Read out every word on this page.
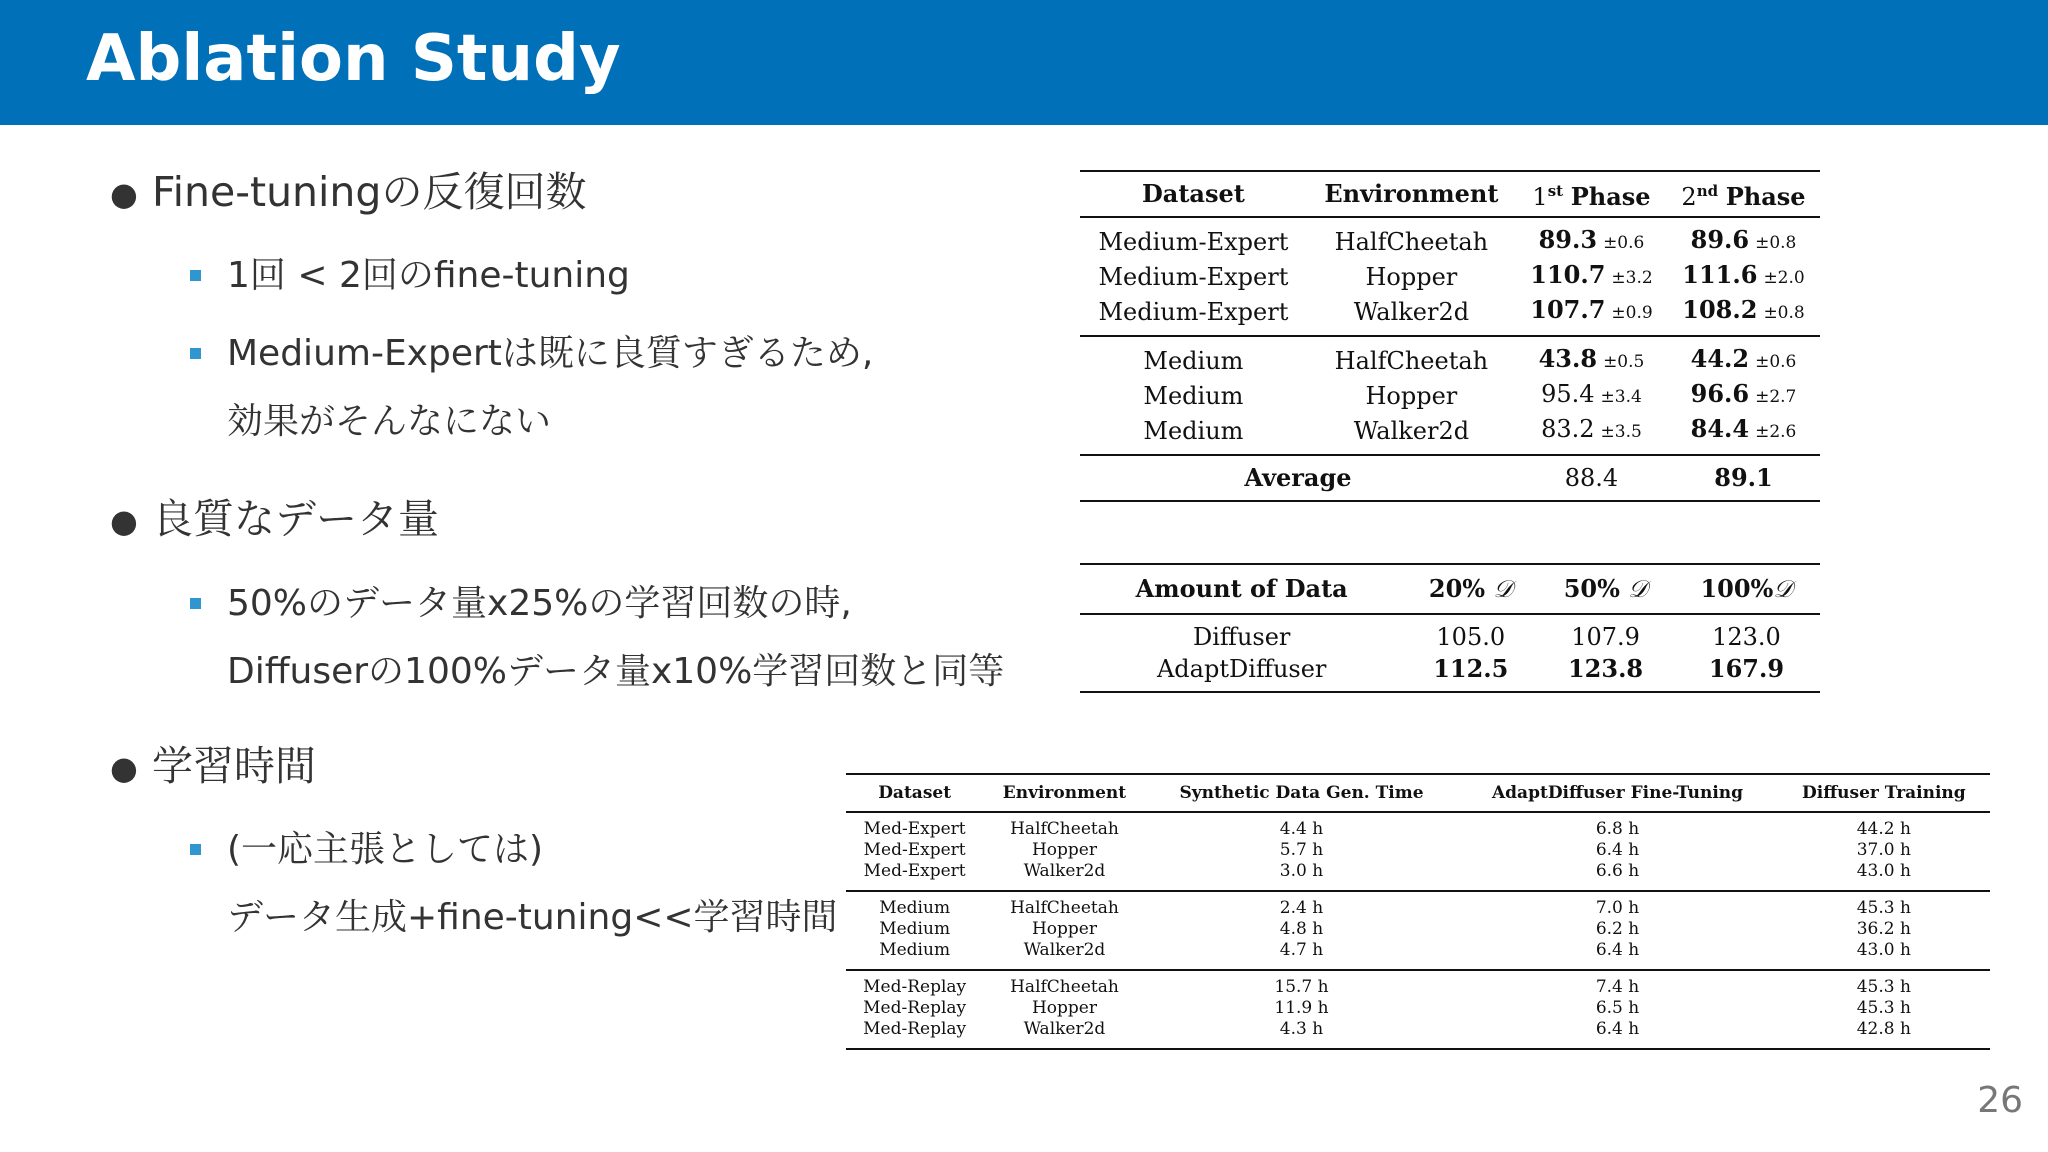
Ablation Study
● Fine-tuningの反復回数
1回 < 2回のfine-tuning
Medium-Expertは既に良質すぎるため,
効果がそんなにない
● 良質なデータ量
50%のデータ量x25%の学習回数の時,
Diffuserの100%データ量x10%学習回数と同等
● 学習時間
(一応主張としては)
データ生成+fine-tuning<<学習時間
Dataset	Environment	1st Phase	2nd Phase
Medium-Expert	HalfCheetah	89.3 ±0.6	89.6 ±0.8
Medium-Expert	Hopper	110.7 ±3.2	111.6 ±2.0
Medium-Expert	Walker2d	107.7 ±0.9	108.2 ±0.8
Medium	HalfCheetah	43.8 ±0.5	44.2 ±0.6
Medium	Hopper	95.4 ±3.4	96.6 ±2.7
Medium	Walker2d	83.2 ±3.5	84.4 ±2.6
Average		88.4	89.1
Amount of Data	20% 𝒟	50% 𝒟	100%𝒟
Diffuser	105.0	107.9	123.0
AdaptDiffuser	112.5	123.8	167.9
Dataset	Environment	Synthetic Data Gen. Time	AdaptDiffuser Fine-Tuning	Diffuser Training
Med-Expert	HalfCheetah	4.4 h	6.8 h	44.2 h
Med-Expert	Hopper	5.7 h	6.4 h	37.0 h
Med-Expert	Walker2d	3.0 h	6.6 h	43.0 h
Medium	HalfCheetah	2.4 h	7.0 h	45.3 h
Medium	Hopper	4.8 h	6.2 h	36.2 h
Medium	Walker2d	4.7 h	6.4 h	43.0 h
Med-Replay	HalfCheetah	15.7 h	7.4 h	45.3 h
Med-Replay	Hopper	11.9 h	6.5 h	45.3 h
Med-Replay	Walker2d	4.3 h	6.4 h	42.8 h
26
